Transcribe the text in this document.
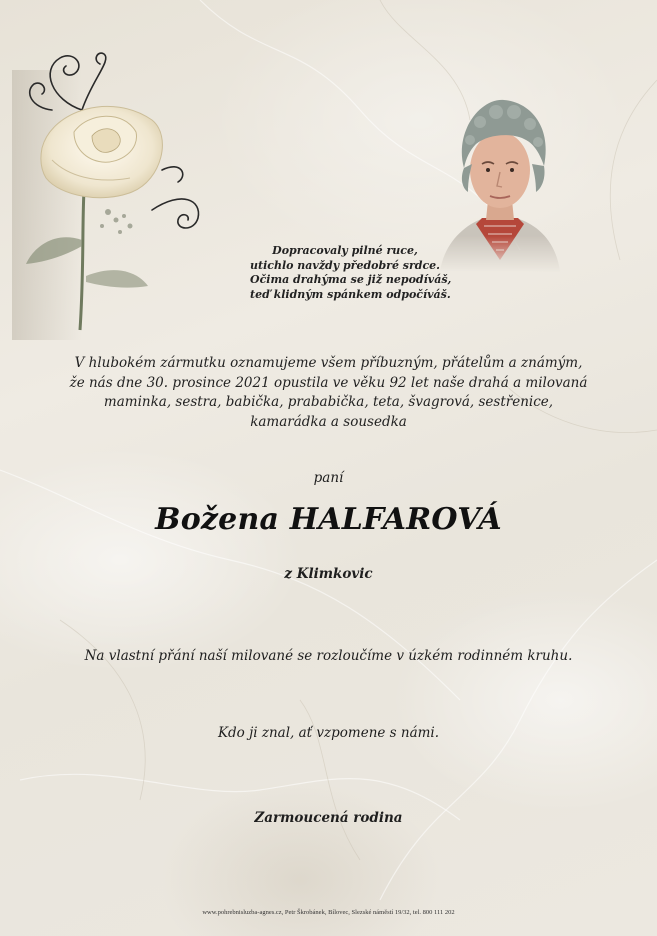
Dopracovaly pilné ruce,
utichlo navždy předobré srdce.
Očima drahýma se již nepodíváš,
teď klidným spánkem odpočíváš.
V hlubokém zármutku oznamujeme všem příbuzným, přátelům a známým,
že nás dne 30. prosince 2021 opustila ve věku 92 let naše drahá a milovaná
maminka, sestra, babička, prababička, teta, švagrová, sestřenice,
kamarádka a sousedka

paní

Božena HALFAROVÁ

z Klimkovic

Na vlastní přání naší milované se rozloučíme v úzkém rodinném kruhu.

Kdo ji znal, ať vzpomene s námi.

Zarmoucená rodina

www.pohrebnisluzba-agnes.cz, Petr Škrobánek, Bílovec, Slezské náměstí 19/32, tel. 800 111 202
